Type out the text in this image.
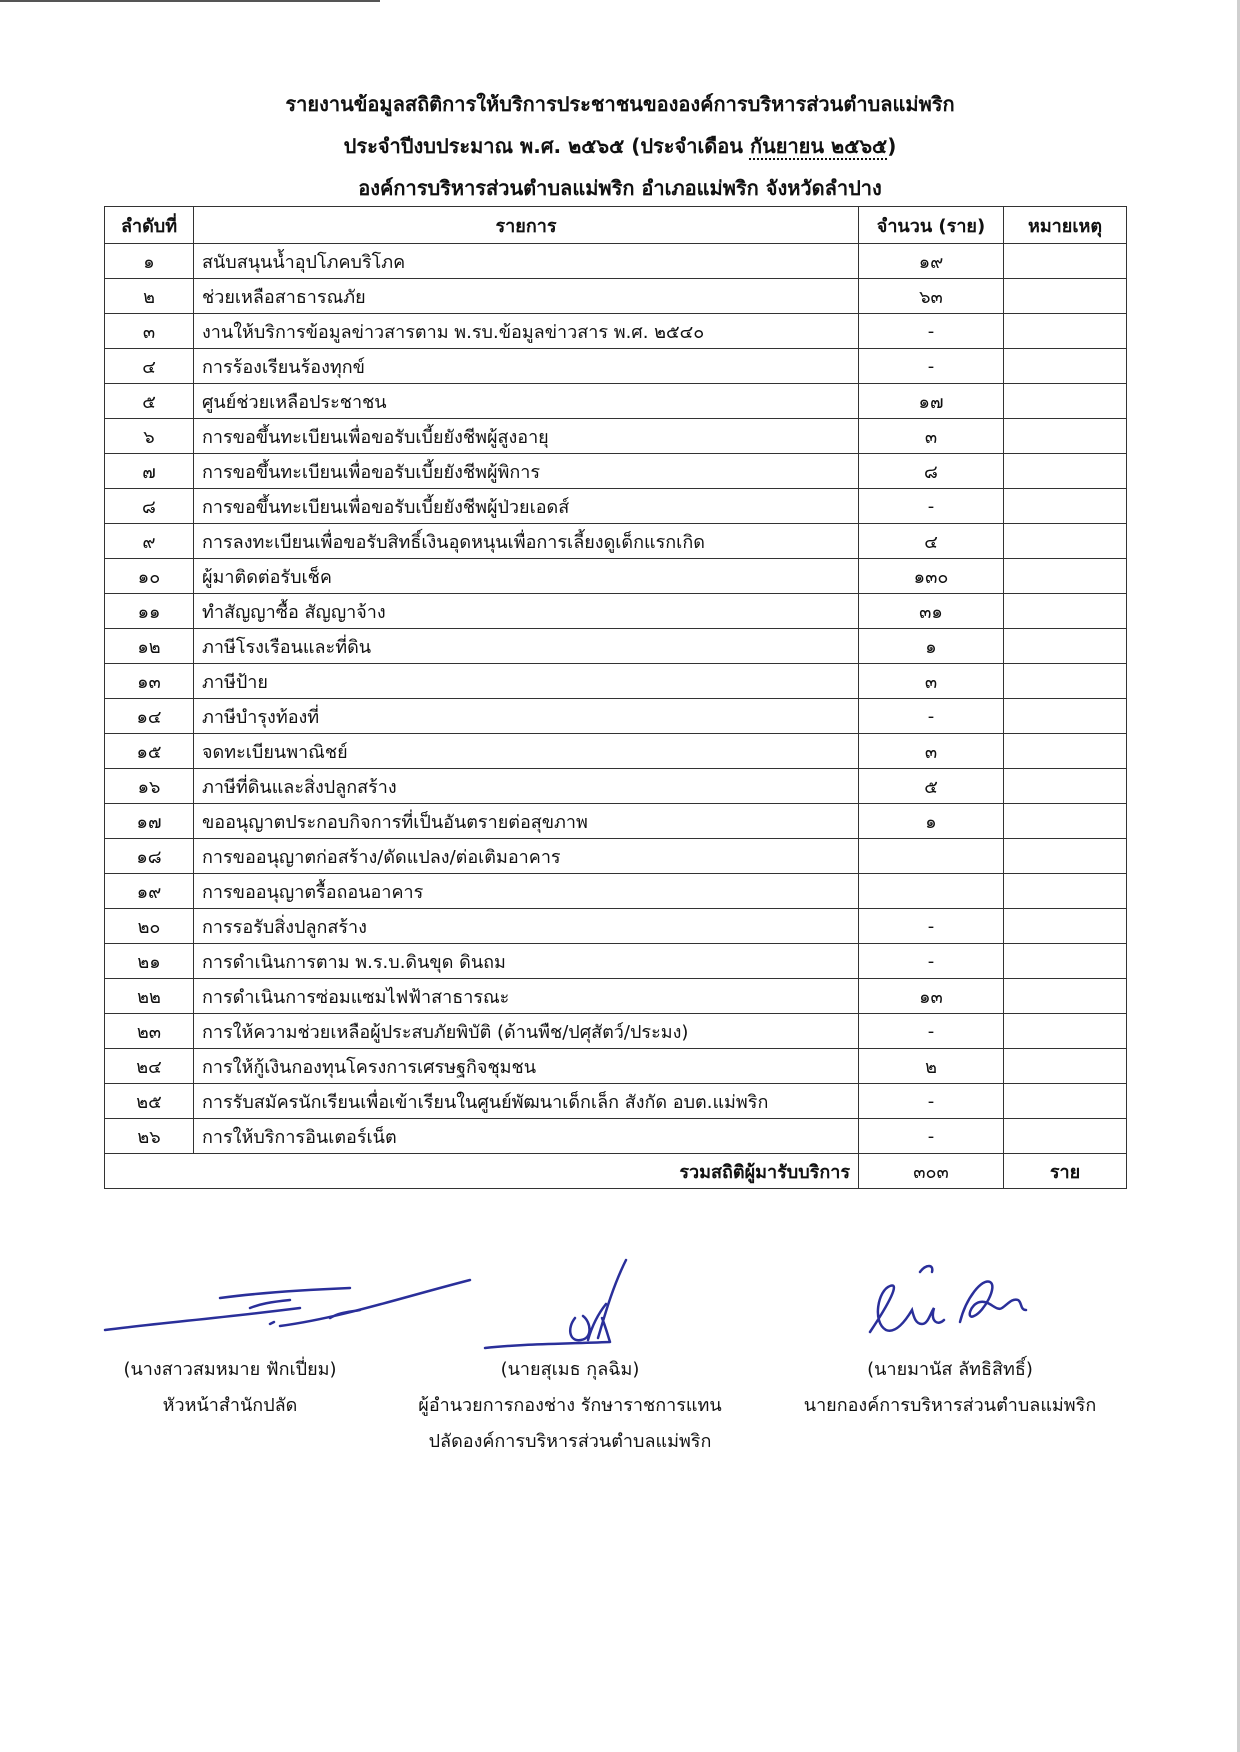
รายงานข้อมูลสถิติการให้บริการประชาชนขององค์การบริหารส่วนตำบลแม่พริก
ประจำปีงบประมาณ พ.ศ. ๒๕๖๕ (ประจำเดือน กันยายน ๒๕๖๕)
องค์การบริหารส่วนตำบลแม่พริก อำเภอแม่พริก จังหวัดลำปาง
ลำดับที่	รายการ	จำนวน (ราย)	หมายเหตุ
๑	สนับสนุนน้ำอุปโภคบริโภค	๑๙	
๒	ช่วยเหลือสาธารณภัย	๖๓	
๓	งานให้บริการข้อมูลข่าวสารตาม พ.รบ.ข้อมูลข่าวสาร พ.ศ. ๒๕๔๐	-	
๔	การร้องเรียนร้องทุกข์	-	
๕	ศูนย์ช่วยเหลือประชาชน	๑๗	
๖	การขอขึ้นทะเบียนเพื่อขอรับเบี้ยยังชีพผู้สูงอายุ	๓	
๗	การขอขึ้นทะเบียนเพื่อขอรับเบี้ยยังชีพผู้พิการ	๘	
๘	การขอขึ้นทะเบียนเพื่อขอรับเบี้ยยังชีพผู้ป่วยเอดส์	-	
๙	การลงทะเบียนเพื่อขอรับสิทธิ์เงินอุดหนุนเพื่อการเลี้ยงดูเด็กแรกเกิด	๔	
๑๐	ผู้มาติดต่อรับเช็ค	๑๓๐	
๑๑	ทำสัญญาซื้อ สัญญาจ้าง	๓๑	
๑๒	ภาษีโรงเรือนและที่ดิน	๑	
๑๓	ภาษีป้าย	๓	
๑๔	ภาษีบำรุงท้องที่	-	
๑๕	จดทะเบียนพาณิชย์	๓	
๑๖	ภาษีที่ดินและสิ่งปลูกสร้าง	๕	
๑๗	ขออนุญาตประกอบกิจการที่เป็นอันตรายต่อสุขภาพ	๑	
๑๘	การขออนุญาตก่อสร้าง/ดัดแปลง/ต่อเติมอาคาร		
๑๙	การขออนุญาตรื้อถอนอาคาร		
๒๐	การรอรับสิ่งปลูกสร้าง	-	
๒๑	การดำเนินการตาม พ.ร.บ.ดินขุด ดินถม	-	
๒๒	การดำเนินการซ่อมแซมไฟฟ้าสาธารณะ	๑๓	
๒๓	การให้ความช่วยเหลือผู้ประสบภัยพิบัติ (ด้านพืช/ปศุสัตว์/ประมง)	-	
๒๔	การให้กู้เงินกองทุนโครงการเศรษฐกิจชุมชน	๒	
๒๕	การรับสมัครนักเรียนเพื่อเข้าเรียนในศูนย์พัฒนาเด็กเล็ก สังกัด อบต.แม่พริก	-	
๒๖	การให้บริการอินเตอร์เน็ต	-	
รวมสถิติผู้มารับบริการ		๓๐๓	ราย
(นางสาวสมหมาย ฟักเปี่ยม)
หัวหน้าสำนักปลัด
(นายสุเมธ กุลฉิม)
ผู้อำนวยการกองช่าง รักษาราชการแทน
ปลัดองค์การบริหารส่วนตำบลแม่พริก
(นายมานัส ลัทธิสิทธิ์)
นายกองค์การบริหารส่วนตำบลแม่พริก
